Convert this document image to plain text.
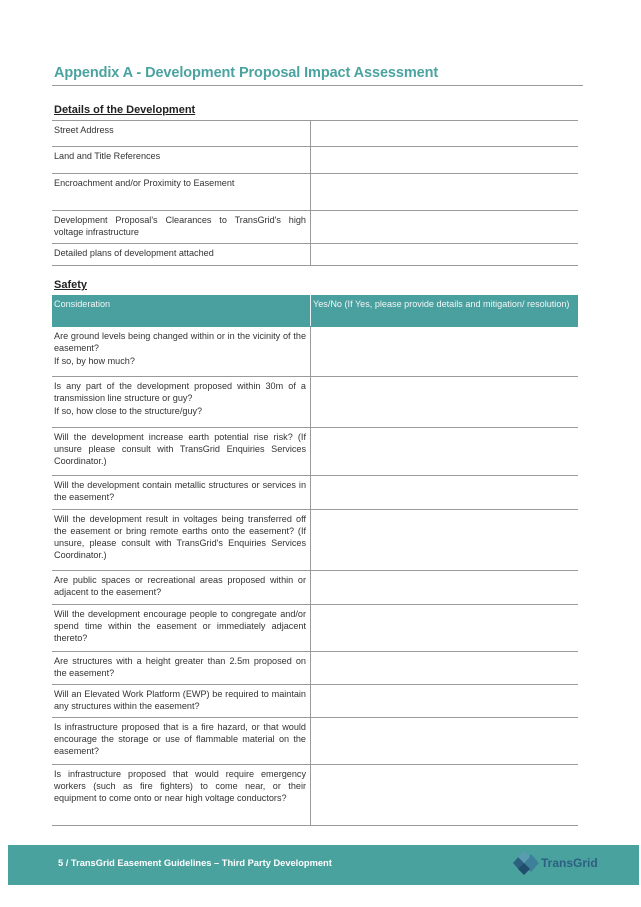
Appendix A - Development Proposal Impact Assessment
Details of the Development
Street Address	
Land and Title References	
Encroachment and/or Proximity to Easement	
Development Proposal's Clearances to TransGrid's high voltage infrastructure	
Detailed plans of development attached	
Safety
Consideration	Yes/No (If Yes, please provide details and mitigation/ resolution)

Are ground levels being changed within or in the vicinity of the easement?
If so, by how much?	

Is any part of the development proposed within 30m of a transmission line structure or guy?
If so, how close to the structure/guy?	

Will the development increase earth potential rise risk? (If unsure please consult with TransGrid Enquiries Services Coordinator.)	

Will the development contain metallic structures or services in the easement?	

Will the development result in voltages being transferred off the easement or bring remote earths onto the easement? (If unsure, please consult with TransGrid's Enquiries Services Coordinator.)	

Are public spaces or recreational areas proposed within or adjacent to the easement?	

Will the development encourage people to congregate and/or spend time within the easement or immediately adjacent thereto?	

Are structures with a height greater than 2.5m proposed on the easement?	

Will an Elevated Work Platform (EWP) be required to maintain any structures within the easement?	

Is infrastructure proposed that is a fire hazard, or that would encourage the storage or use of flammable material on the easement?	

Is infrastructure proposed that would require emergency workers (such as fire fighters) to come near, or their equipment to come onto or near high voltage conductors?	

5 / TransGrid Easement Guidelines – Third Party Development	TransGrid
